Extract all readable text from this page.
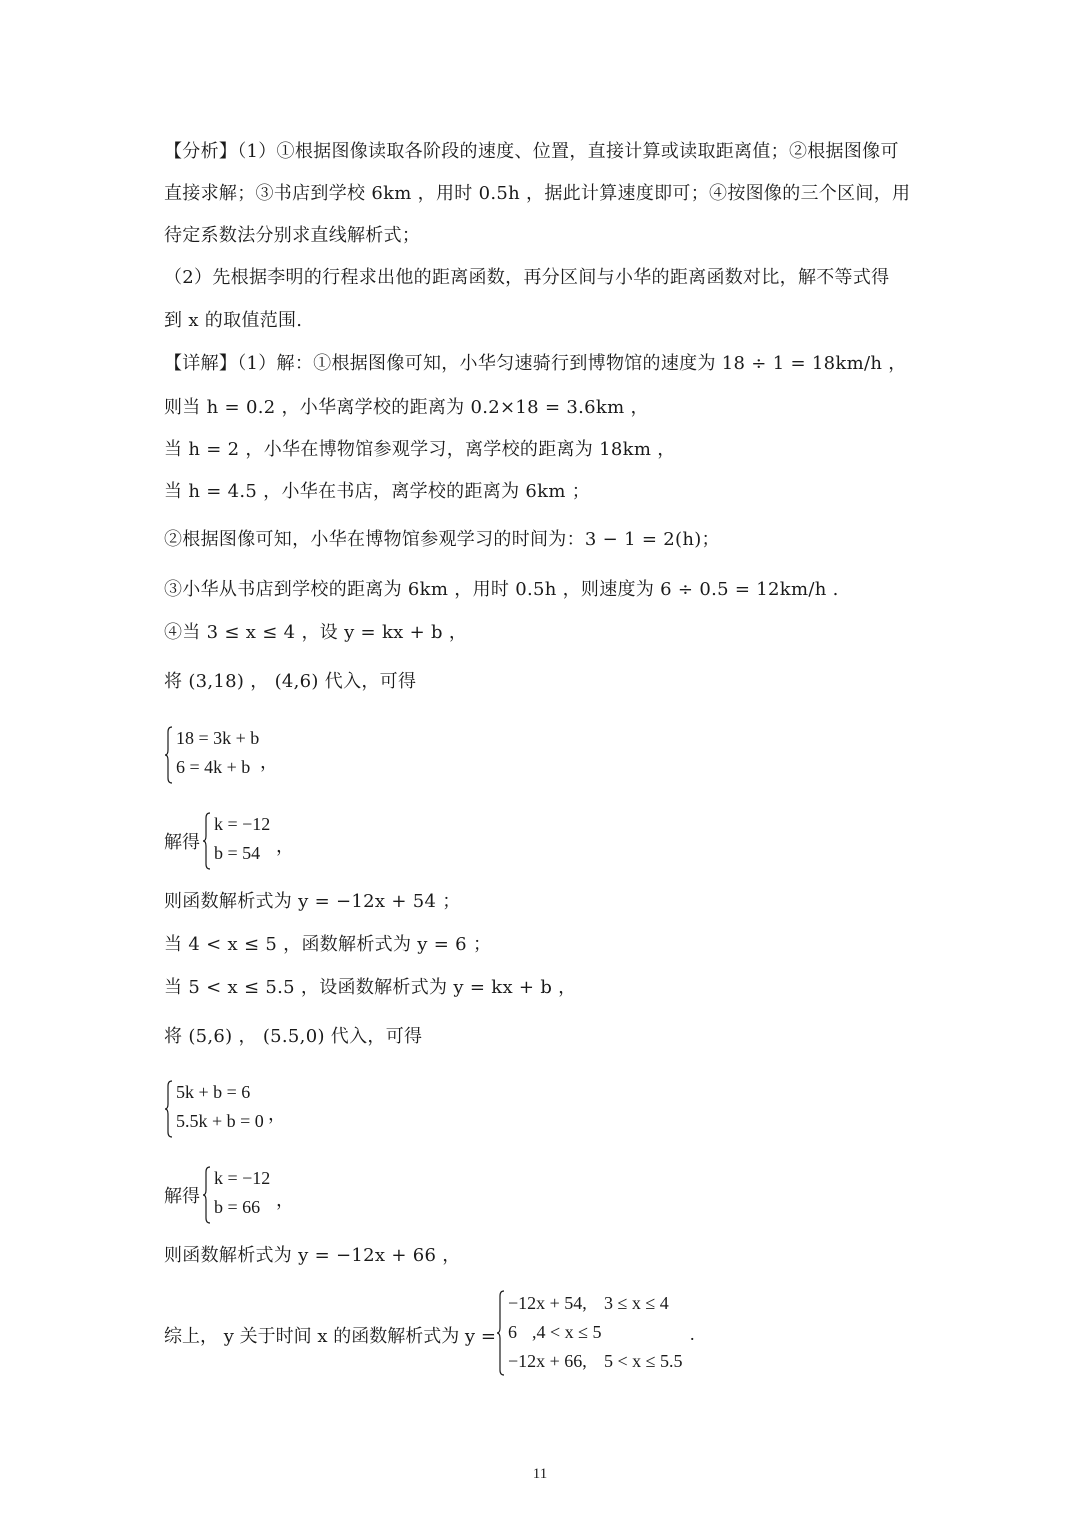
【分析】（1）①根据图像读取各阶段的速度、位置，直接计算或读取距离值；②根据图像可
直接求解；③书店到学校 6km ，用时 0.5h ，据此计算速度即可；④按图像的三个区间，用
待定系数法分别求直线解析式；
（2）先根据李明的行程求出他的距离函数，再分区间与小华的距离函数对比，解不等式得
到 x 的取值范围.
【详解】（1）解：①根据图像可知，小华匀速骑行到博物馆的速度为 18 ÷ 1 = 18km/h ，
则当 h = 0.2 ，小华离学校的距离为 0.2×18 = 3.6km ，
当 h = 2 ，小华在博物馆参观学习，离学校的距离为 18km ，
当 h = 4.5 ，小华在书店，离学校的距离为 6km ；
②根据图像可知，小华在博物馆参观学习的时间为：3 − 1 = 2(h)；
③小华从书店到学校的距离为 6km ，用时 0.5h ，则速度为 6 ÷ 0.5 = 12km/h .
④当 3 ≤ x ≤ 4 ，设 y = kx + b ，
将 (3,18) ， (4,6) 代入，可得
18 = 3k + b
6 = 4k + b ，
解得
k = −12
b = 54 ，
则函数解析式为 y = −12x + 54 ；
当 4 < x ≤ 5 ，函数解析式为 y = 6 ；
当 5 < x ≤ 5.5 ，设函数解析式为 y = kx + b ，
将 (5,6) ， (5.5,0) 代入，可得
5k + b = 6
5.5k + b = 0 ，
解得
k = −12
b = 66 ，
则函数解析式为 y = −12x + 66 ，
综上， y 关于时间 x 的函数解析式为 y =
−12x + 54, 3 ≤ x ≤ 4
6 ,4 < x ≤ 5
−12x + 66, 5 < x ≤ 5.5
.
11
